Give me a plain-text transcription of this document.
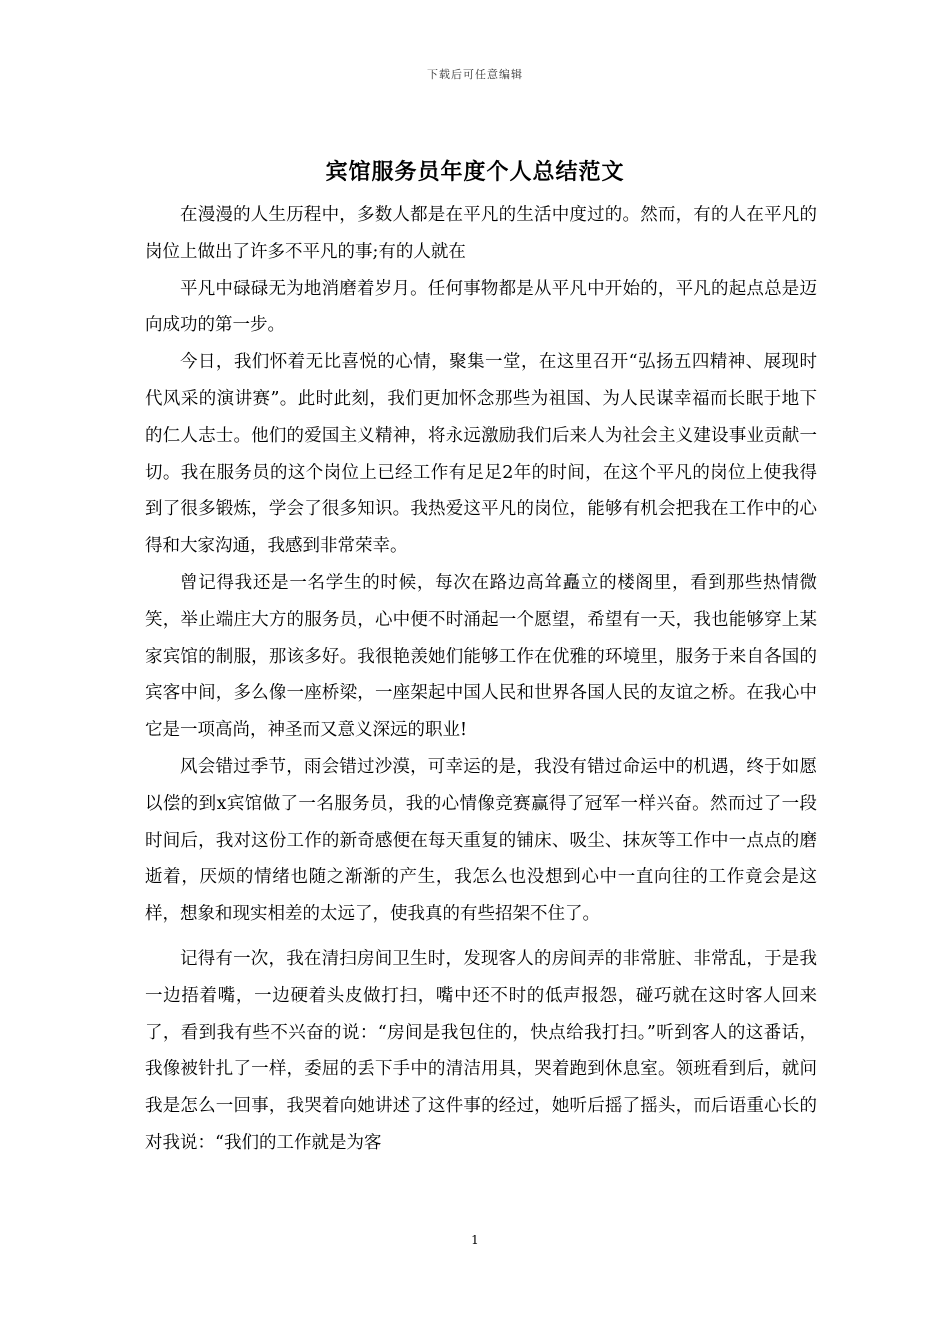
下载后可任意编辑
宾馆服务员年度个人总结范文

在漫漫的人生历程中，多数人都是在平凡的生活中度过的。然而，有的人在平凡的岗位上做出了许多不平凡的事;有的人就在

平凡中碌碌无为地消磨着岁月。任何事物都是从平凡中开始的，平凡的起点总是迈向成功的第一步。

今日，我们怀着无比喜悦的心情，聚集一堂，在这里召开“弘扬五四精神、展现时代风采的演讲赛”。此时此刻，我们更加怀念那些为祖国、为人民谋幸福而长眠于地下的仁人志士。他们的爱国主义精神，将永远激励我们后来人为社会主义建设事业贡献一切。我在服务员的这个岗位上已经工作有足足2年的时间，在这个平凡的岗位上使我得到了很多锻炼，学会了很多知识。我热爱这平凡的岗位，能够有机会把我在工作中的心得和大家沟通，我感到非常荣幸。

曾记得我还是一名学生的时候，每次在路边高耸矗立的楼阁里，看到那些热情微笑，举止端庄大方的服务员，心中便不时涌起一个愿望，希望有一天，我也能够穿上某家宾馆的制服，那该多好。我很艳羡她们能够工作在优雅的环境里，服务于来自各国的宾客中间，多么像一座桥梁，一座架起中国人民和世界各国人民的友谊之桥。在我心中它是一项高尚，神圣而又意义深远的职业!

风会错过季节，雨会错过沙漠，可幸运的是，我没有错过命运中的机遇，终于如愿以偿的到x宾馆做了一名服务员，我的心情像竞赛赢得了冠军一样兴奋。然而过了一段时间后，我对这份工作的新奇感便在每天重复的铺床、吸尘、抹灰等工作中一点点的磨逝着，厌烦的情绪也随之渐渐的产生，我怎么也没想到心中一直向往的工作竟会是这样，想象和现实相差的太远了，使我真的有些招架不住了。

记得有一次，我在清扫房间卫生时，发现客人的房间弄的非常脏、非常乱，于是我一边捂着嘴，一边硬着头皮做打扫，嘴中还不时的低声报怨，碰巧就在这时客人回来了，看到我有些不兴奋的说：“房间是我包住的，快点给我打扫。”听到客人的这番话，我像被针扎了一样，委屈的丢下手中的清洁用具，哭着跑到休息室。领班看到后，就问我是怎么一回事，我哭着向她讲述了这件事的经过，她听后摇了摇头，而后语重心长的对我说：“我们的工作就是为客

1
